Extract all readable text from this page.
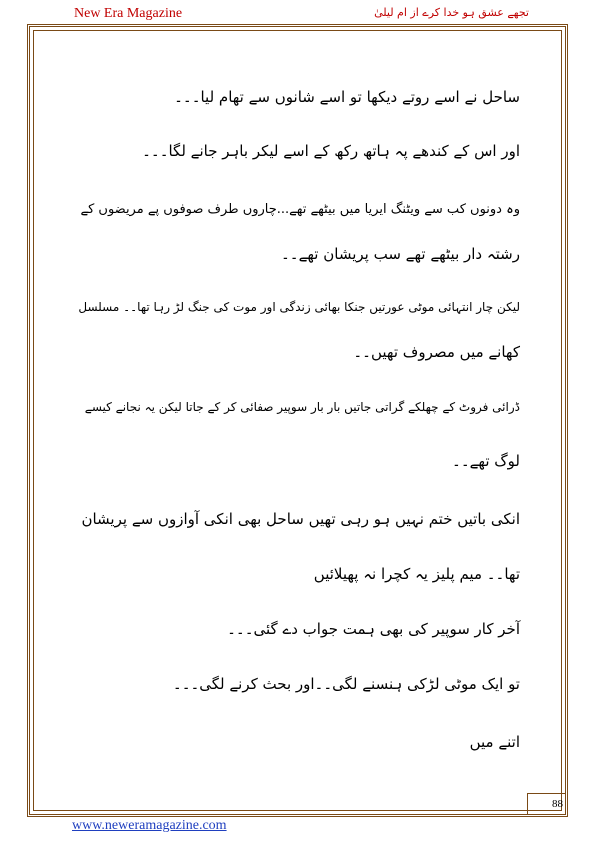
New Era Magazine	تجھے عشق ہو خدا کرے از ام لیلیٰ
ساحل نے اسے روتے دیکھا تو اسے شانوں سے تھام لیا۔۔۔
اور اس کے کندھے پہ ہاتھ رکھ کے اسے لیکر باہر جانے لگا۔۔۔
وہ دونوں کب سے ویٹنگ ایریا میں بیٹھے تھے...چاروں طرف صوفوں پے مریضوں کے
رشتہ دار بیٹھے تھے سب پریشان تھے۔۔
لیکن چار انتہائی موٹی عورتیں جنکا بھائی زندگی اور موت کی جنگ لڑ رہا تھا۔۔ مسلسل
کھانے میں مصروف تھیں۔۔
ڈرائی فروٹ کے چھلکے گراتی جاتیں بار بار سوپیر صفائی کر کے جاتا لیکن یہ نجانے کیسے
لوگ تھے۔۔
انکی باتیں ختم نہیں ہو رہی تھیں ساحل بھی انکی آوازوں سے پریشان
تھا۔۔ میم پلیز یہ کچرا نہ پھیلائیں
آخر کار سوپیر کی بھی ہمت جواب دے گئی۔۔۔
تو ایک موٹی لڑکی ہنسنے لگی۔۔اور بحث کرنے لگی۔۔۔
اتنے میں
88
www.neweramagazine.com
